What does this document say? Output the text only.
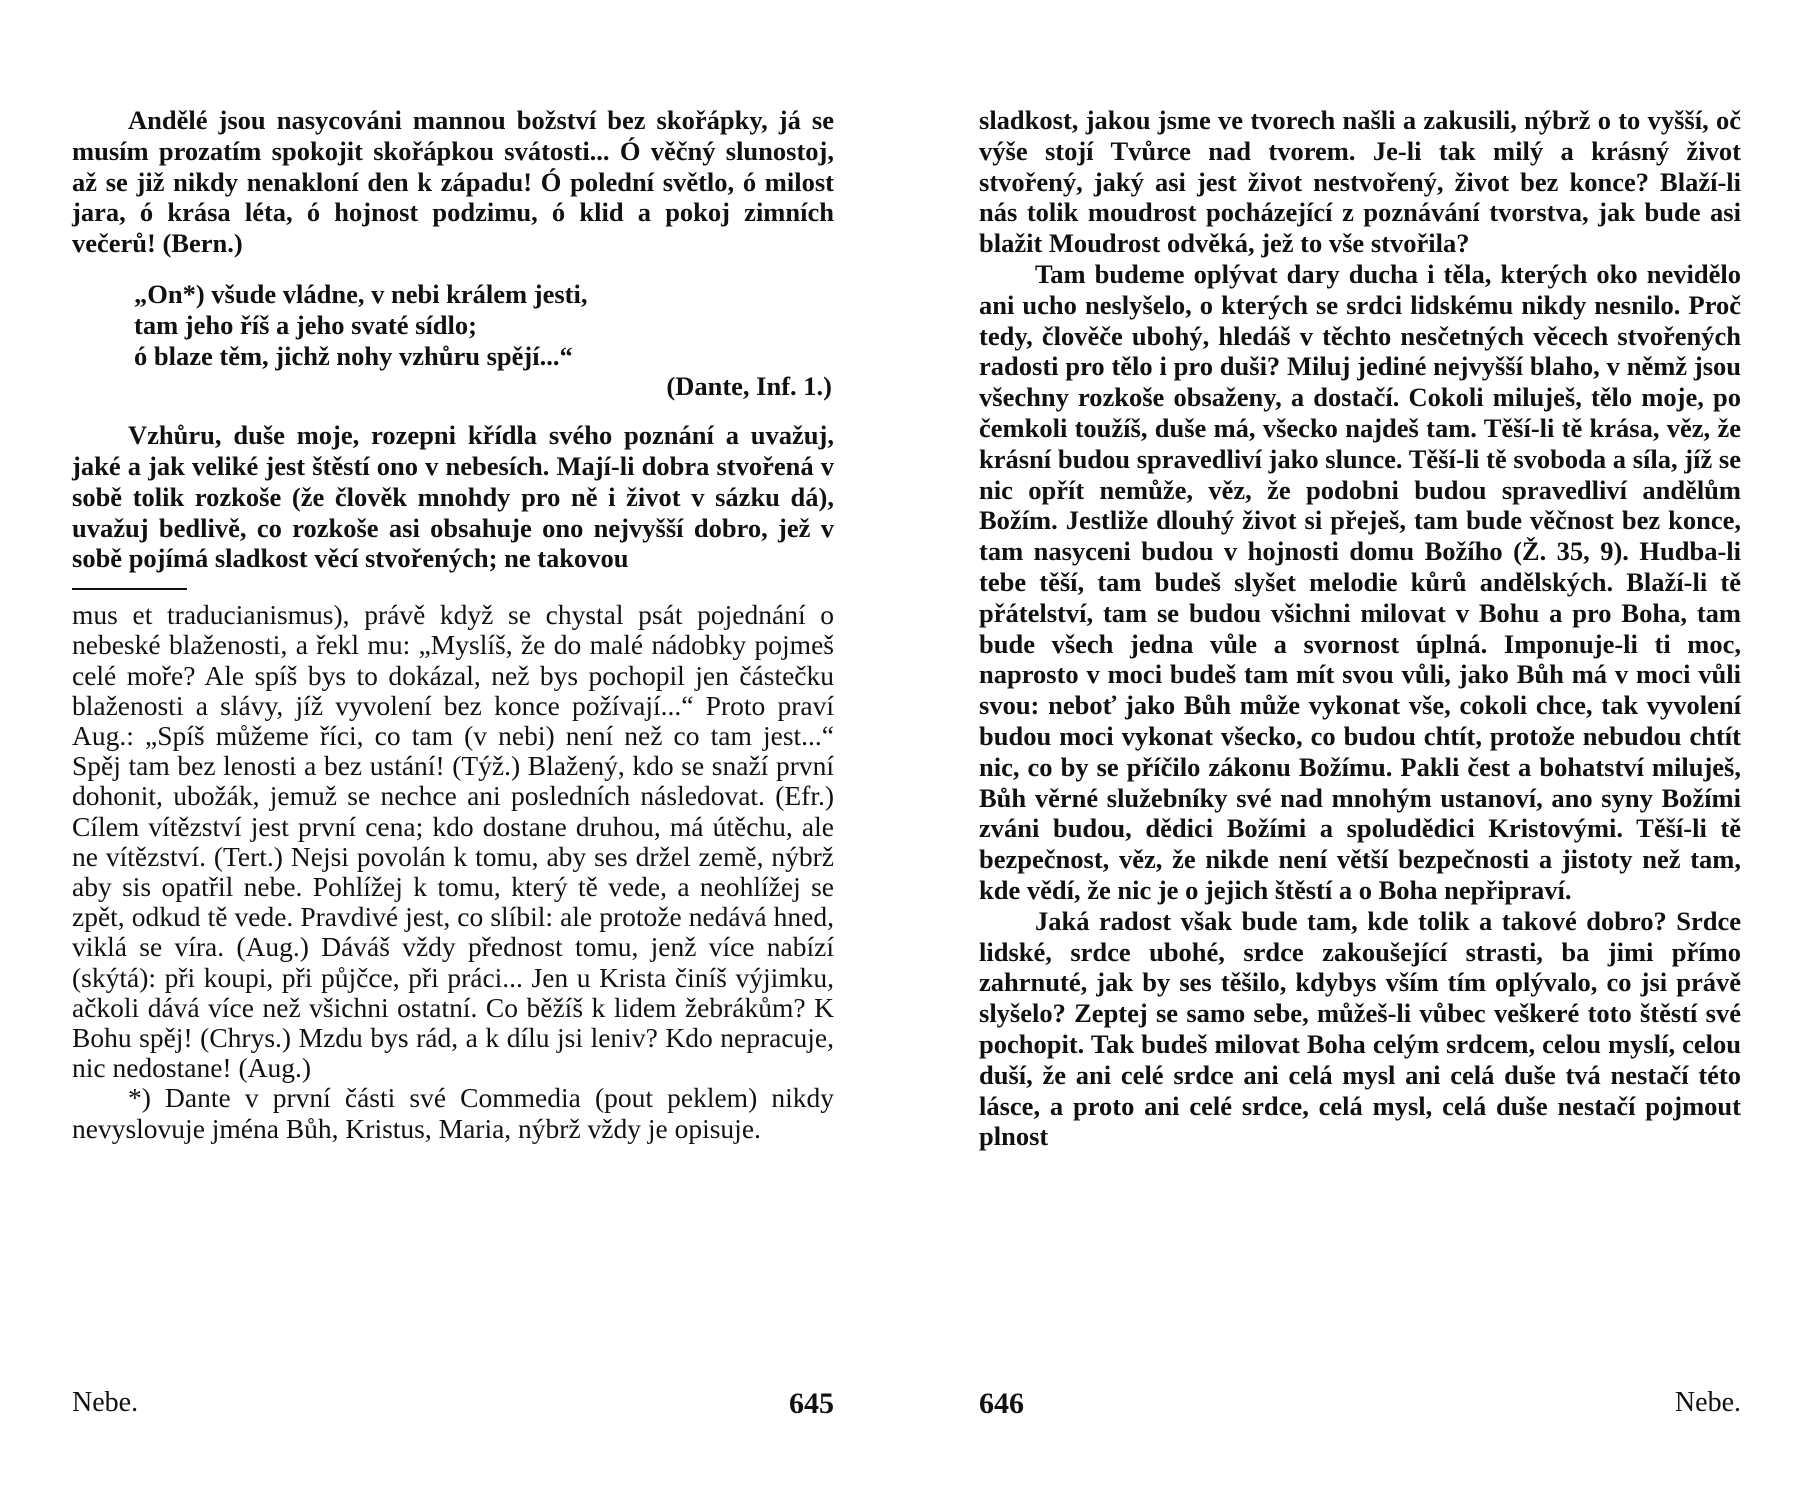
Andělé jsou nasycováni mannou božství bez skořápky, já se musím prozatím spokojit skořápkou svátosti... Ó věčný slunostoj, až se již nikdy nenakloní den k západu! Ó polední světlo, ó milost jara, ó krása léta, ó hojnost podzimu, ó klid a pokoj zimních večerů! (Bern.)

„On*) všude vládne, v nebi králem jesti,
tam jeho říš a jeho svaté sídlo;
ó blaze těm, jichž nohy vzhůru spějí...“
(Dante, Inf. 1.)

Vzhůru, duše moje, rozepni křídla svého poznání a uvažuj, jaké a jak veliké jest štěstí ono v nebesích. Mají-li dobra stvořená v sobě tolik rozkoše (že člověk mnohdy pro ně i život v sázku dá), uvažuj bedlivě, co rozkoše asi obsahuje ono nejvyšší dobro, jež v sobě pojímá sladkost věcí stvořených; ne takovou

mus et traducianismus), právě když se chystal psát pojednání o nebeské blaženosti, a řekl mu: „Myslíš, že do malé nádobky pojmeš celé moře? Ale spíš bys to dokázal, než bys pochopil jen částečku blaženosti a slávy, jíž vyvolení bez konce požívají...“ Proto praví Aug.: „Spíš můžeme říci, co tam (v nebi) není než co tam jest...“ Spěj tam bez lenosti a bez ustání! (Týž.) Blažený, kdo se snaží první dohonit, ubožák, jemuž se nechce ani posledních následovat. (Efr.) Cílem vítězství jest první cena; kdo dostane druhou, má útěchu, ale ne vítězství. (Tert.) Nejsi povolán k tomu, aby ses držel země, nýbrž aby sis opatřil nebe. Pohlížej k tomu, který tě vede, a neohlížej se zpět, odkud tě vede. Pravdivé jest, co slíbil: ale protože nedává hned, viklá se víra. (Aug.) Dáváš vždy přednost tomu, jenž více nabízí (skýtá): při koupi, při půjčce, při práci... Jen u Krista činíš výjimku, ačkoli dává více než všichni ostatní. Co běžíš k lidem žebrákům? K Bohu spěj! (Chrys.) Mzdu bys rád, a k dílu jsi leniv? Kdo nepracuje, nic nedostane! (Aug.)

*) Dante v první části své Commedia (pout peklem) nikdy nevyslovuje jména Bůh, Kristus, Maria, nýbrž vždy je opisuje.

Nebe.	645

sladkost, jakou jsme ve tvorech našli a zakusili, nýbrž o to vyšší, oč výše stojí Tvůrce nad tvorem. Je-li tak milý a krásný život stvořený, jaký asi jest život nestvořený, život bez konce? Blaží-li nás tolik moudrost pocházející z poznávání tvorstva, jak bude asi blažit Moudrost odvěká, jež to vše stvořila?

Tam budeme oplývat dary ducha i těla, kterých oko nevidělo ani ucho neslyšelo, o kterých se srdci lidskému nikdy nesnilo. Proč tedy, člověče ubohý, hledáš v těchto nesčetných věcech stvořených radosti pro tělo i pro duši? Miluj jediné nejvyšší blaho, v němž jsou všechny rozkoše obsaženy, a dostačí. Cokoli miluješ, tělo moje, po čemkoli toužíš, duše má, všecko najdeš tam. Těší-li tě krása, věz, že krásní budou spravedliví jako slunce. Těší-li tě svoboda a síla, jíž se nic opřít nemůže, věz, že podobni budou spravedliví andělům Božím. Jestliže dlouhý život si přeješ, tam bude věčnost bez konce, tam nasyceni budou v hojnosti domu Božího (Ž. 35, 9). Hudba-li tebe těší, tam budeš slyšet melodie kůrů andělských. Blaží-li tě přátelství, tam se budou všichni milovat v Bohu a pro Boha, tam bude všech jedna vůle a svornost úplná. Imponuje-li ti moc, naprosto v moci budeš tam mít svou vůli, jako Bůh má v moci vůli svou: neboť jako Bůh může vykonat vše, cokoli chce, tak vyvolení budou moci vykonat všecko, co budou chtít, protože nebudou chtít nic, co by se příčilo zákonu Božímu. Pakli čest a bohatství miluješ, Bůh věrné služebníky své nad mnohým ustanoví, ano syny Božími zváni budou, dědici Božími a spoludědici Kristovými. Těší-li tě bezpečnost, věz, že nikde není větší bezpečnosti a jistoty než tam, kde vědí, že nic je o jejich štěstí a o Boha nepřipraví.

Jaká radost však bude tam, kde tolik a takové dobro? Srdce lidské, srdce ubohé, srdce zakoušející strasti, ba jimi přímo zahrnuté, jak by ses těšilo, kdybys vším tím oplývalo, co jsi právě slyšelo? Zeptej se samo sebe, můžeš-li vůbec veškeré toto štěstí své pochopit. Tak budeš milovat Boha celým srdcem, celou myslí, celou duší, že ani celé srdce ani celá mysl ani celá duše tvá nestačí této lásce, a proto ani celé srdce, celá mysl, celá duše nestačí pojmout plnost

646	Nebe.
